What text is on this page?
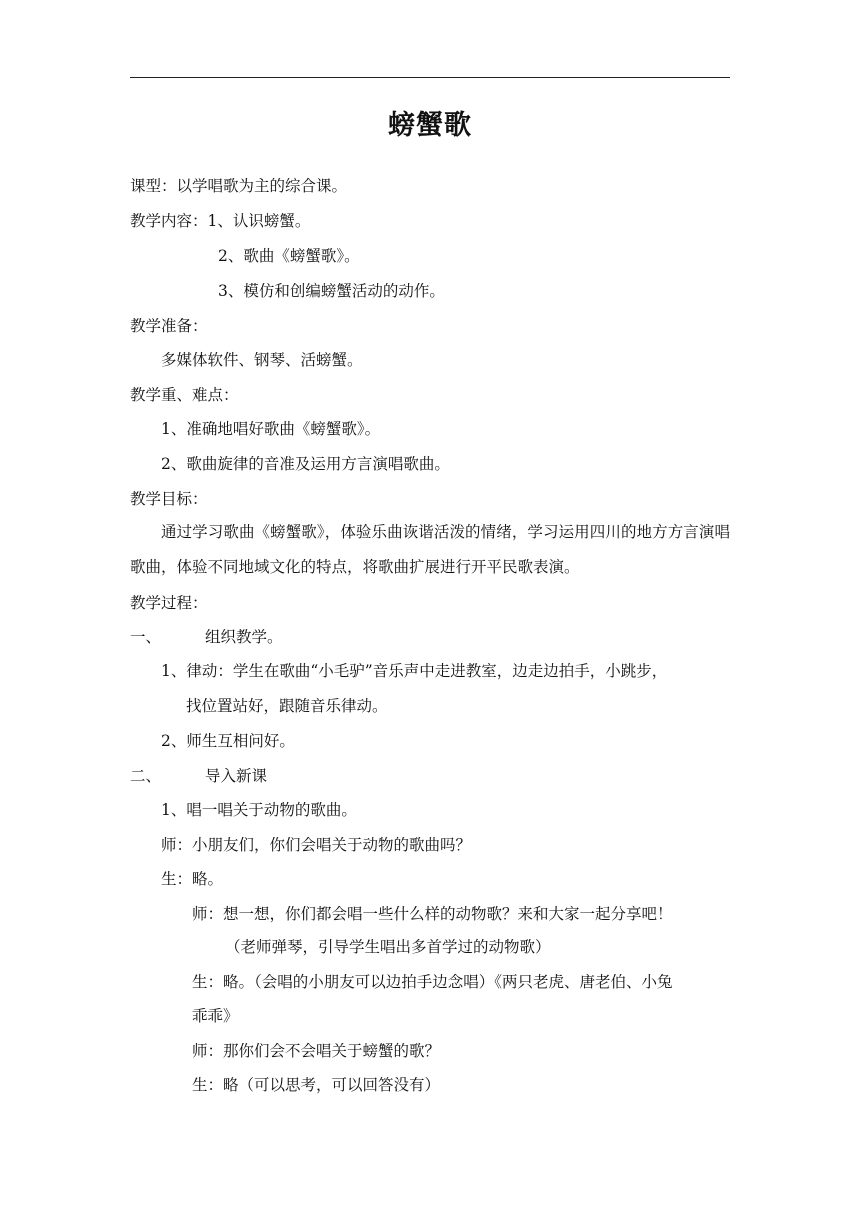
螃蟹歌
课型：以学唱歌为主的综合课。
教学内容：1、认识螃蟹。
2、歌曲《螃蟹歌》。
3、模仿和创编螃蟹活动的动作。
教学准备：
多媒体软件、钢琴、活螃蟹。
教学重、难点：
1、准确地唱好歌曲《螃蟹歌》。
2、歌曲旋律的音准及运用方言演唱歌曲。
教学目标：
通过学习歌曲《螃蟹歌》，体验乐曲诙谐活泼的情绪，学习运用四川的地方方言演唱歌曲，体验不同地域文化的特点，将歌曲扩展进行开平民歌表演。
教学过程：
一、	组织教学。
1、律动：学生在歌曲“小毛驴”音乐声中走进教室，边走边拍手，小跳步，
找位置站好，跟随音乐律动。
2、师生互相问好。
二、	导入新课
1、唱一唱关于动物的歌曲。
师：小朋友们，你们会唱关于动物的歌曲吗？
生：略。
师：想一想，你们都会唱一些什么样的动物歌？来和大家一起分享吧！
（老师弹琴，引导学生唱出多首学过的动物歌）
生：略。（会唱的小朋友可以边拍手边念唱）《两只老虎、唐老伯、小兔
乖乖》
师：那你们会不会唱关于螃蟹的歌？
生：略（可以思考，可以回答没有）
